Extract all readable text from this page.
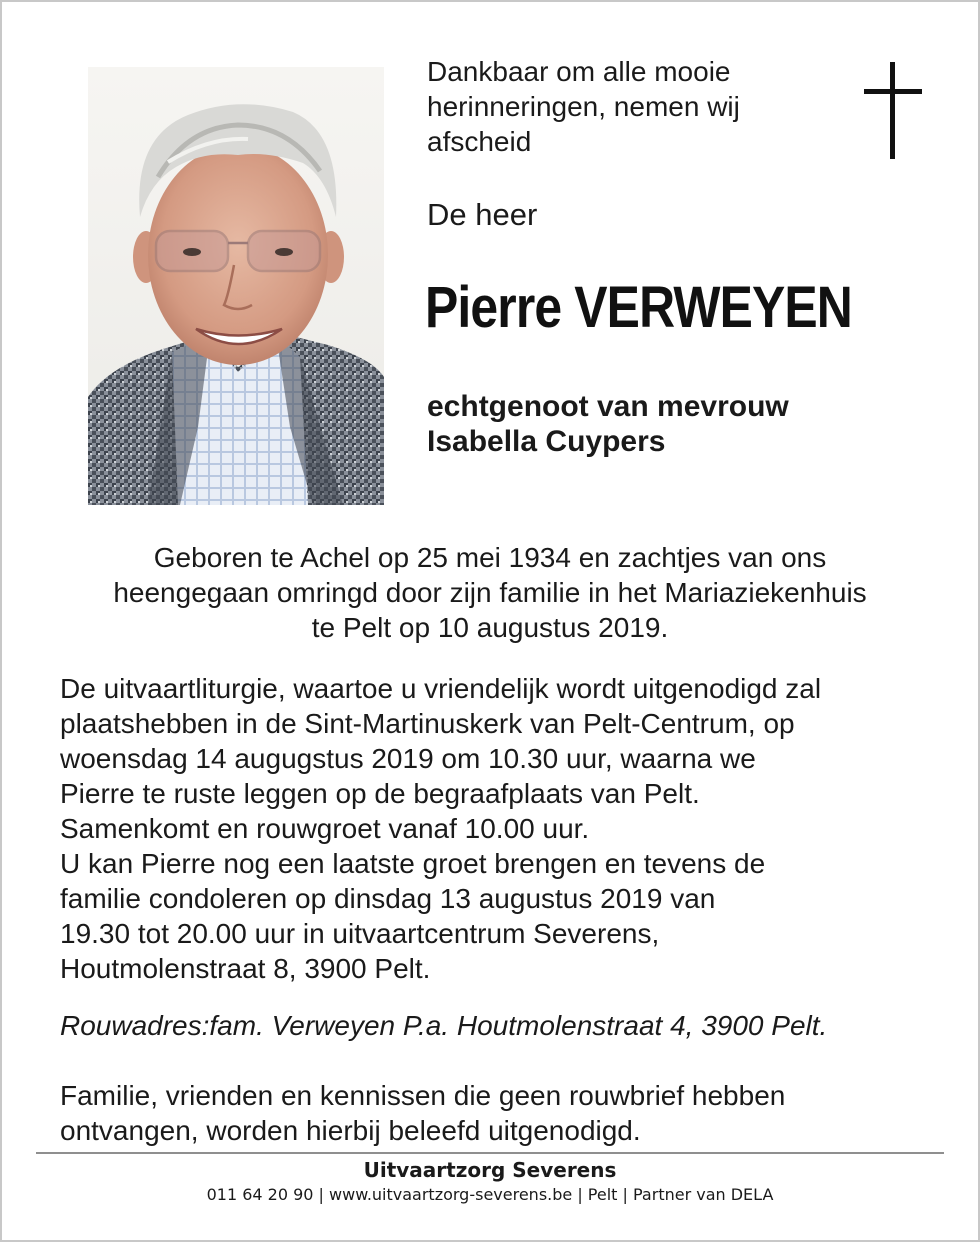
Dankbaar om alle mooie
herinneringen, nemen wij
afscheid
De heer
Pierre VERWEYEN
echtgenoot van mevrouw
Isabella Cuypers
Geboren te Achel op 25 mei 1934 en zachtjes van ons
heengegaan omringd door zijn familie in het Mariaziekenhuis
te Pelt op 10 augustus 2019.
De uitvaartliturgie, waartoe u vriendelijk wordt uitgenodigd zal
plaatshebben in de Sint-Martinuskerk van Pelt-Centrum, op
woensdag 14 augugstus 2019 om 10.30 uur, waarna we
Pierre te ruste leggen op de begraafplaats van Pelt.
Samenkomt en rouwgroet vanaf 10.00 uur.
U kan Pierre nog een laatste groet brengen en tevens de
familie condoleren op dinsdag 13 augustus 2019 van
19.30 tot 20.00 uur in uitvaartcentrum Severens,
Houtmolenstraat 8, 3900 Pelt.
Rouwadres:fam. Verweyen P.a. Houtmolenstraat 4, 3900 Pelt.
Familie, vrienden en kennissen die geen rouwbrief hebben
ontvangen, worden hierbij beleefd uitgenodigd.
Uitvaartzorg Severens
011 64 20 90 | www.uitvaartzorg-severens.be | Pelt | Partner van DELA
